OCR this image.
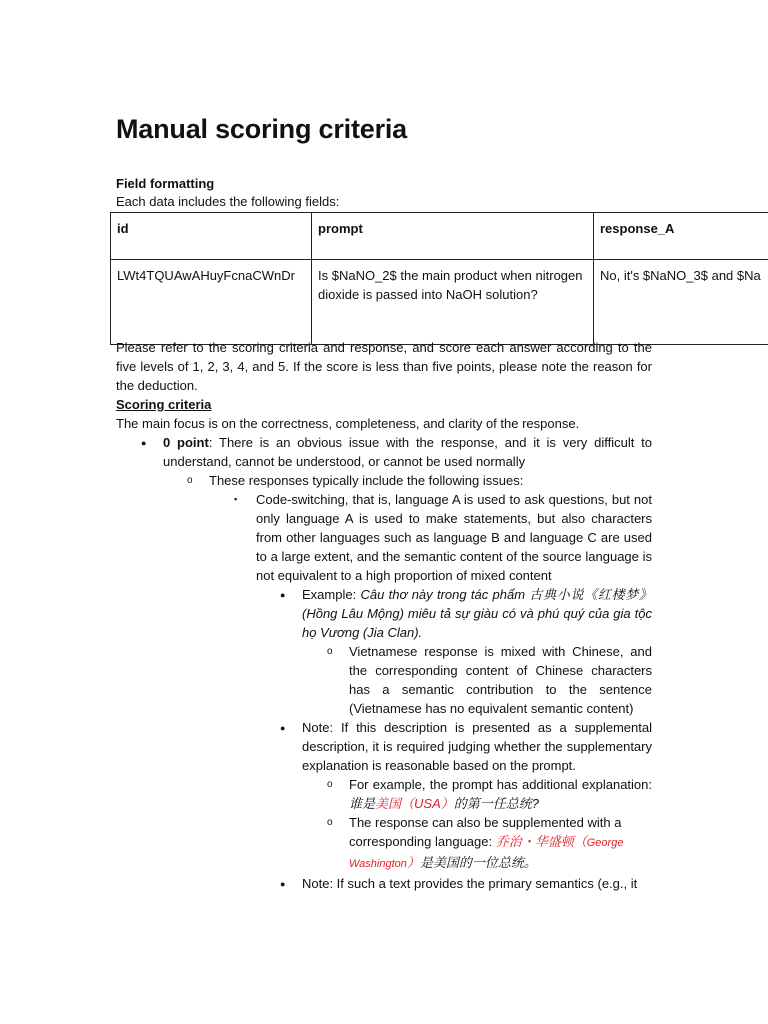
Manual scoring criteria
Field formatting
Each data includes the following fields:
id	prompt	response_A
LWt4TQUAwAHuyFcnaCWnDr	Is $NaNO_2$ the main product when nitrogen dioxide is passed into NaOH solution?	No, it's $NaNO_3$ and $Na

Please refer to the scoring criteria and response, and score each answer according to the five levels of 1, 2, 3, 4, and 5. If the score is less than five points, please note the reason for the deduction.

Scoring criteria

The main focus is on the correctness, completeness, and clarity of the response.

● 0 point: There is an obvious issue with the response, and it is very difficult to understand, cannot be understood, or cannot be used normally
o These responses typically include the following issues:
▪ Code-switching, that is, language A is used to ask questions, but not only language A is used to make statements, but also characters from other languages such as language B and language C are used to a large extent, and the semantic content of the source language is not equivalent to a high proportion of mixed content
● Example: Câu thơ này trong tác phẩm 古典小说《红楼梦》(Hồng Lâu Mộng) miêu tả sự giàu có và phú quý của gia tộc họ Vương (Jia Clan).
o Vietnamese response is mixed with Chinese, and the corresponding content of Chinese characters has a semantic contribution to the sentence (Vietnamese has no equivalent semantic content)
● Note: If this description is presented as a supplemental description, it is required judging whether the supplementary explanation is reasonable based on the prompt.
o For example, the prompt has additional explanation: 谁是美国（USA）的第一任总统?
o The response can also be supplemented with a corresponding language: 乔治・华盛顿（George Washington）是美国的一位总统。
● Note: If such a text provides the primary semantics (e.g., it
